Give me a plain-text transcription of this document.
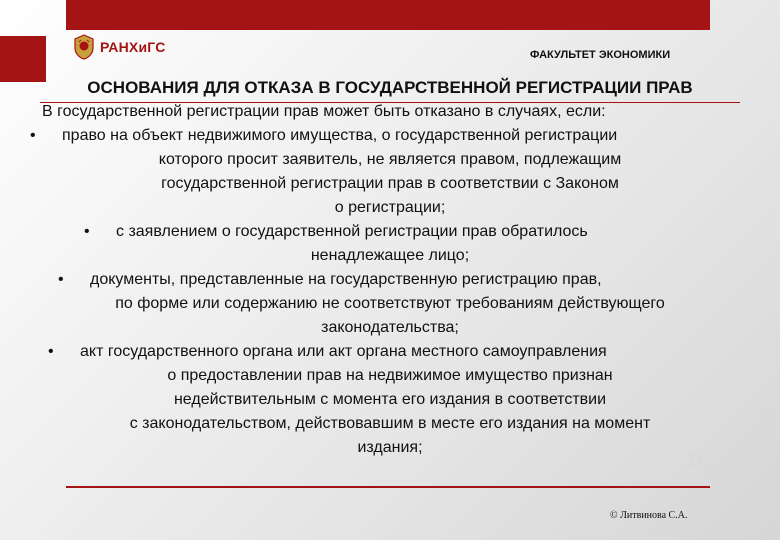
РАНХиГС	ФАКУЛЬТЕТ ЭКОНОМИКИ
ОСНОВАНИЯ ДЛЯ ОТКАЗА В ГОСУДАРСТВЕННОЙ РЕГИСТРАЦИИ ПРАВ
В государственной регистрации прав может быть отказано в случаях, если:
• право на объект недвижимого имущества, о государственной регистрации
которого просит заявитель, не является правом, подлежащим
государственной регистрации прав в соответствии с Законом
о регистрации;
• с заявлением о государственной регистрации прав обратилось
ненадлежащее лицо;
• документы, представленные на государственную регистрацию прав,
по форме или содержанию не соответствуют требованиям действующего
законодательства;
• акт государственного органа или акт органа местного самоуправления
о предоставлении прав на недвижимое имущество признан
недействительным с момента его издания в соответствии
с законодательством, действовавшим в месте его издания на момент
издания;
16
© Литвинова С.А.
